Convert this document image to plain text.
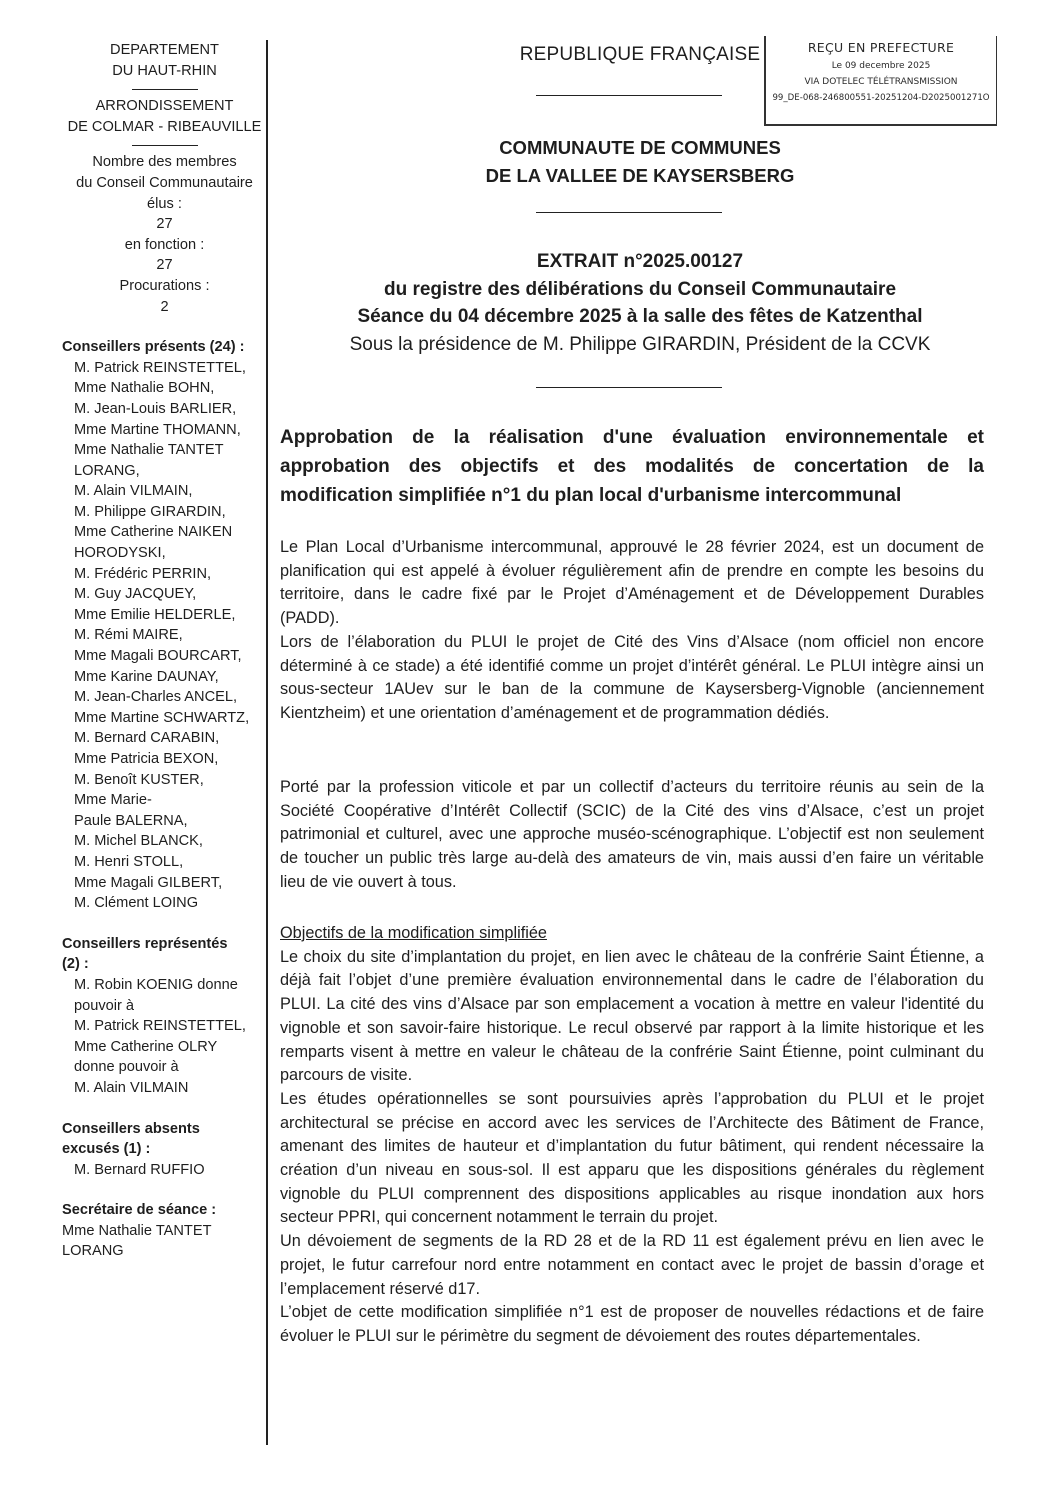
DEPARTEMENT
DU HAUT-RHIN
ARRONDISSEMENT
DE COLMAR - RIBEAUVILLE
Nombre des membres
du Conseil Communautaire
élus :
27
en fonction :
27
Procurations :
2
Conseillers présents (24) :
M. Patrick REINSTETTEL,
Mme Nathalie BOHN,
M. Jean-Louis BARLIER,
Mme Martine THOMANN,
Mme Nathalie TANTET
LORANG,
M. Alain VILMAIN,
M. Philippe GIRARDIN,
Mme Catherine NAIKEN
HORODYSKI,
M. Frédéric PERRIN,
M. Guy JACQUEY,
Mme Emilie HELDERLE,
M. Rémi MAIRE,
Mme Magali BOURCART,
Mme Karine DAUNAY,
M. Jean-Charles ANCEL,
Mme Martine SCHWARTZ,
M. Bernard CARABIN,
Mme Patricia BEXON,
M. Benoît KUSTER,
Mme Marie-
Paule BALERNA,
M. Michel BLANCK,
M. Henri STOLL,
Mme Magali GILBERT,
M. Clément LOING
Conseillers représentés
(2) :
M. Robin KOENIG donne
pouvoir à
M. Patrick REINSTETTEL,
Mme Catherine OLRY
donne pouvoir à
M. Alain VILMAIN
Conseillers absents
excusés (1) :
M. Bernard RUFFIO
Secrétaire de séance :
Mme Nathalie TANTET
LORANG
REPUBLIQUE FRANÇAISE
COMMUNAUTE DE COMMUNES
DE LA VALLEE DE KAYSERSBERG
REÇU EN PREFECTURE
Le 09 decembre 2025
VIA DOTELEC TÉLÉTRANSMISSION
99_DE-068-246800551-20251204-D2025001271O
EXTRAIT n°2025.00127
du registre des délibérations du Conseil Communautaire
Séance du 04 décembre 2025 à la salle des fêtes de Katzenthal
Sous la présidence de M. Philippe GIRARDIN, Président de la CCVK
Approbation de la réalisation d'une évaluation environnementale et
approbation des objectifs et des modalités de concertation de la
modification simplifiée n°1 du plan local d'urbanisme intercommunal

Le Plan Local d’Urbanisme intercommunal, approuvé le 28 février 2024, est un document de planification qui est appelé à évoluer régulièrement afin de prendre en compte les besoins du territoire, dans le cadre fixé par le Projet d’Aménagement et de Développement Durables (PADD).

Lors de l’élaboration du PLUI le projet de Cité des Vins d’Alsace (nom officiel non encore déterminé à ce stade) a été identifié comme un projet d’intérêt général. Le PLUI intègre ainsi un sous-secteur 1AUev sur le ban de la commune de Kaysersberg-Vignoble (anciennement Kientzheim) et une orientation d’aménagement et de programmation dédiés.

Porté par la profession viticole et par un collectif d’acteurs du territoire réunis au sein de la Société Coopérative d’Intérêt Collectif (SCIC) de la Cité des vins d’Alsace, c’est un projet patrimonial et culturel, avec une approche muséo-scénographique. L’objectif est non seulement de toucher un public très large au-delà des amateurs de vin, mais aussi d’en faire un véritable lieu de vie ouvert à tous.

Objectifs de la modification simplifiée

Le choix du site d’implantation du projet, en lien avec le château de la confrérie Saint Étienne, a déjà fait l’objet d’une première évaluation environnemental dans le cadre de l’élaboration du PLUI. La cité des vins d’Alsace par son emplacement a vocation à mettre en valeur l'identité du vignoble et son savoir-faire historique. Le recul observé par rapport à la limite historique et les remparts visent à mettre en valeur le château de la confrérie Saint Étienne, point culminant du parcours de visite.

Les études opérationnelles se sont poursuivies après l’approbation du PLUI et le projet architectural se précise en accord avec les services de l’Architecte des Bâtiment de France, amenant des limites de hauteur et d’implantation du futur bâtiment, qui rendent nécessaire la création d’un niveau en sous-sol. Il est apparu que les dispositions générales du règlement vignoble du PLUI comprennent des dispositions applicables au risque inondation aux hors secteur PPRI, qui concernent notamment le terrain du projet.

Un dévoiement de segments de la RD 28 et de la RD 11 est également prévu en lien avec le projet, le futur carrefour nord entre notamment en contact avec le projet de bassin d’orage et l’emplacement réservé d17.

L’objet de cette modification simplifiée n°1 est de proposer de nouvelles rédactions et de faire évoluer le PLUI sur le périmètre du segment de dévoiement des routes départementales.
